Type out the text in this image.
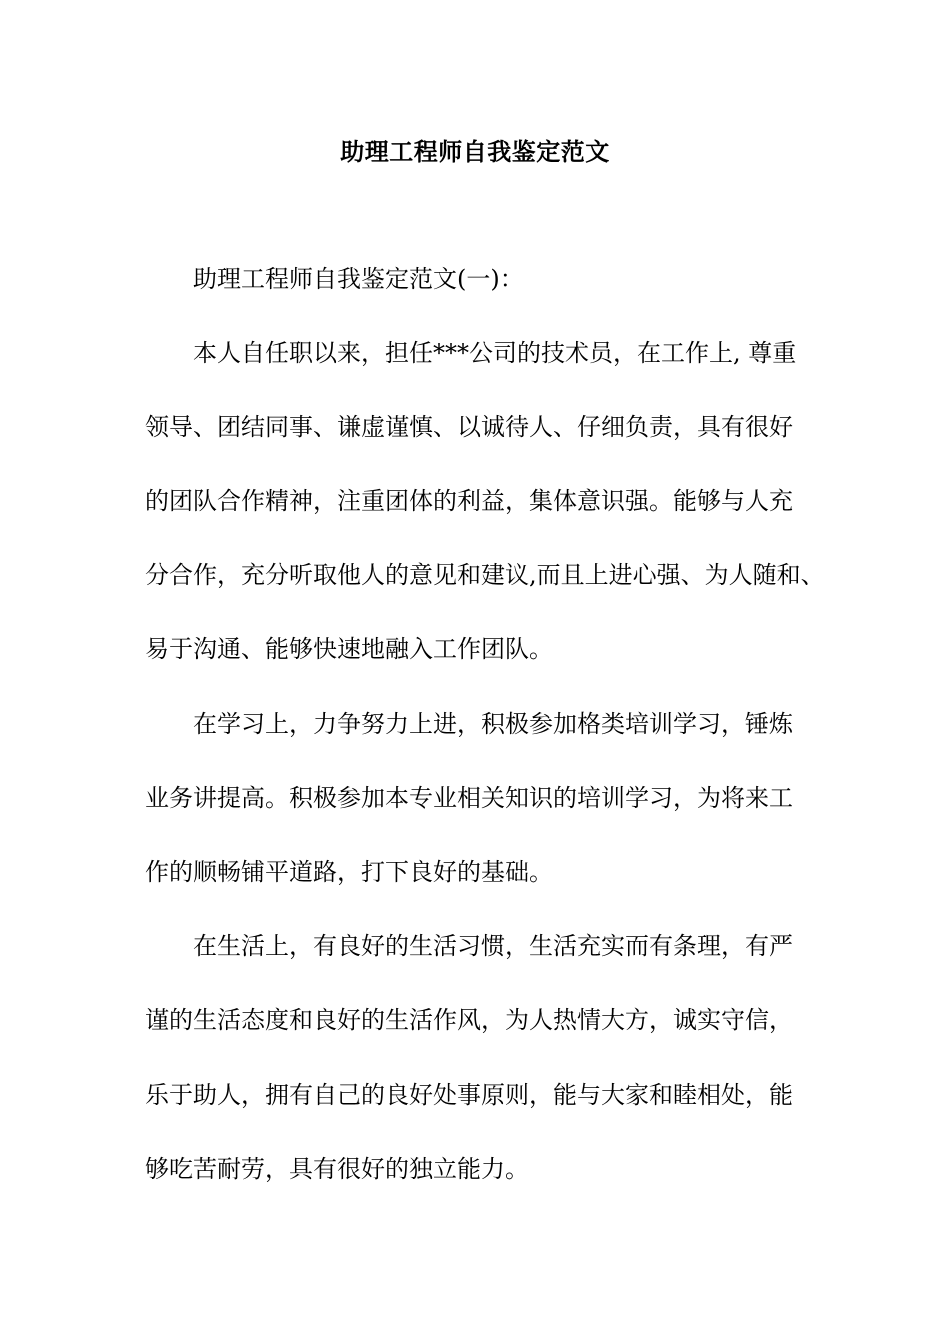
助理工程师自我鉴定范文
助理工程师自我鉴定范文(一)：
本人自任职以来，担任***公司的技术员，在工作上, 尊重
领导、团结同事、谦虚谨慎、以诚待人、仔细负责，具有很好
的团队合作精神，注重团体的利益，集体意识强。能够与人充
分合作，充分听取他人的意见和建议,而且上进心强、为人随和、
易于沟通、能够快速地融入工作团队。
在学习上，力争努力上进，积极参加格类培训学习，锤炼
业务讲提高。积极参加本专业相关知识的培训学习，为将来工
作的顺畅铺平道路，打下良好的基础。
在生活上，有良好的生活习惯，生活充实而有条理，有严
谨的生活态度和良好的生活作风，为人热情大方，诚实守信，
乐于助人，拥有自己的良好处事原则，能与大家和睦相处，能
够吃苦耐劳，具有很好的独立能力。
